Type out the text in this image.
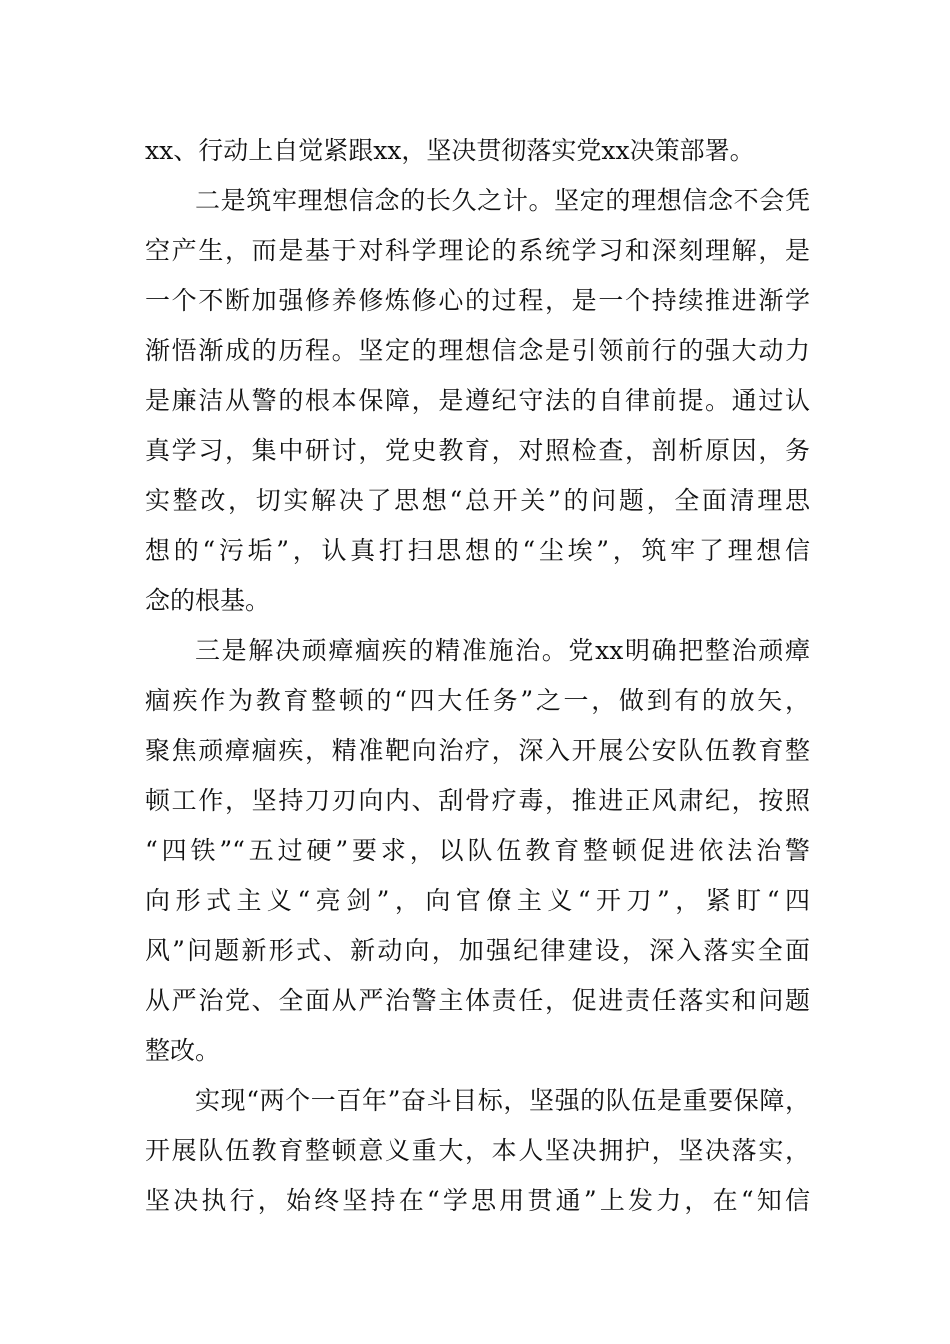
xx、行动上自觉紧跟xx，坚决贯彻落实党xx决策部署。
二是筑牢理想信念的长久之计。坚定的理想信念不会凭
空产生，而是基于对科学理论的系统学习和深刻理解，是
一个不断加强修养修炼修心的过程，是一个持续推进渐学
渐悟渐成的历程。坚定的理想信念是引领前行的强大动力
是廉洁从警的根本保障，是遵纪守法的自律前提。通过认
真学习，集中研讨，党史教育，对照检查，剖析原因，务
实整改，切实解决了思想“总开关”的问题，全面清理思
想的“污垢”，认真打扫思想的“尘埃”，筑牢了理想信
念的根基。
三是解决顽瘴痼疾的精准施治。党xx明确把整治顽瘴
痼疾作为教育整顿的“四大任务”之一，做到有的放矢，
聚焦顽瘴痼疾，精准靶向治疗，深入开展公安队伍教育整
顿工作，坚持刀刃向内、刮骨疗毒，推进正风肃纪，按照
“四铁”“五过硬”要求，以队伍教育整顿促进依法治警
向形式主义“亮剑”，向官僚主义“开刀”，紧盯“四
风”问题新形式、新动向，加强纪律建设，深入落实全面
从严治党、全面从严治警主体责任，促进责任落实和问题
整改。
实现“两个一百年”奋斗目标，坚强的队伍是重要保障，
开展队伍教育整顿意义重大，本人坚决拥护，坚决落实，
坚决执行，始终坚持在“学思用贯通”上发力，在“知信
